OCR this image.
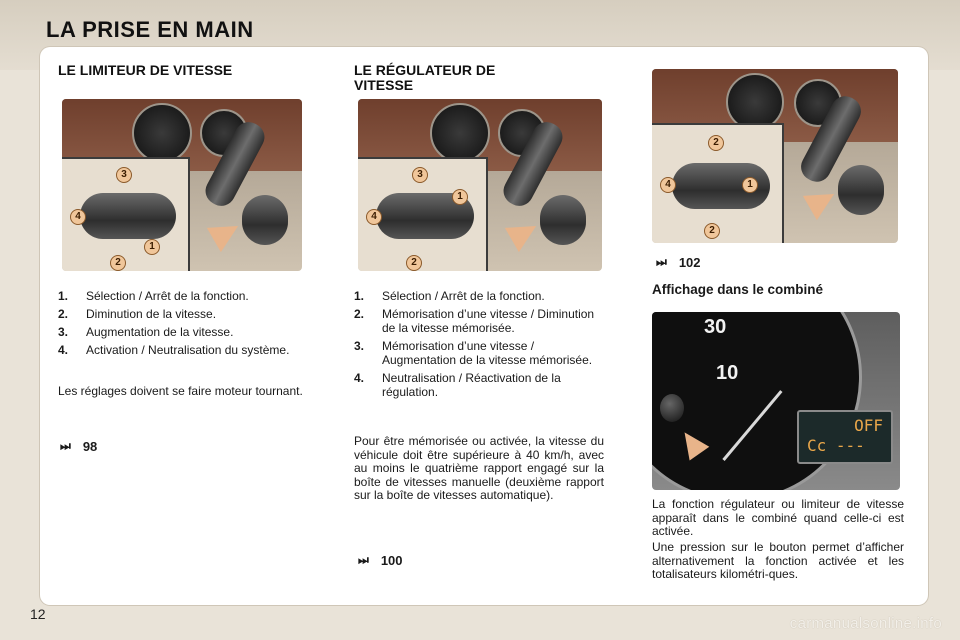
LA PRISE EN MAIN
LE LIMITEUR DE VITESSE
3
4
1
2
1.	Sélection / Arrêt de la fonction.
2.	Diminution de la vitesse.
3.	Augmentation de la vitesse.
4.	Activation / Neutralisation du système.
Les réglages doivent se faire moteur tournant.
⏭ 98
LE RÉGULATEUR DE VITESSE
3
4
1
2
1.	Sélection / Arrêt de la fonction.
2.	Mémorisation d’une vitesse / Diminution de la vitesse mémorisée.
3.	Mémorisation d’une vitesse / Augmentation de la vitesse mémorisée.
4.	Neutralisation / Réactivation de la régulation.
Pour être mémorisée ou activée, la vitesse du véhicule doit être supérieure à 40 km/h, avec au moins le quatrième rapport engagé sur la boîte de vitesses manuelle (deuxième rapport sur la boîte de vitesses automatique).
⏭ 100
2
4	1
2
⏭ 102
Affichage dans le combiné
La fonction régulateur ou limiteur de vitesse apparaît dans le combiné quand celle-ci est activée.
Une pression sur le bouton permet d’afficher alternativement la fonction activée et les totalisateurs kilométri-ques.
30
10
OFF
Cc ---
12
carmanualsonline.info
